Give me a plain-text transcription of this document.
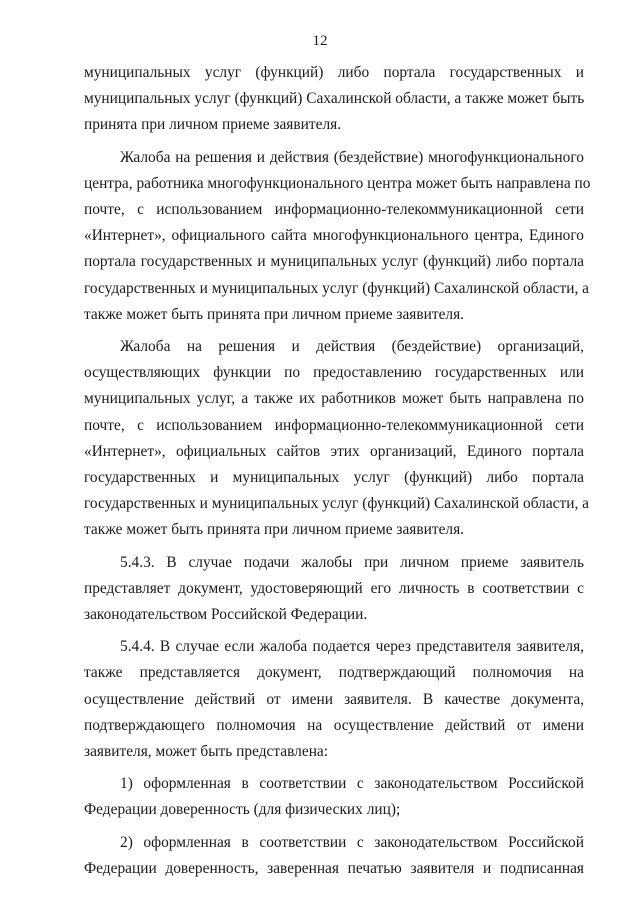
12
муниципальных услуг (функций) либо портала государственных и
муниципальных услуг (функций) Сахалинской области, а также может быть
принята при личном приеме заявителя.
Жалоба на решения и действия (бездействие) многофункционального
центра, работника многофункционального центра может быть направлена по
почте, с использованием информационно-телекоммуникационной сети
«Интернет», официального сайта многофункционального центра, Единого
портала государственных и муниципальных услуг (функций) либо портала
государственных и муниципальных услуг (функций) Сахалинской области, а
также может быть принята при личном приеме заявителя.
Жалоба на решения и действия (бездействие) организаций,
осуществляющих функции по предоставлению государственных или
муниципальных услуг, а также их работников может быть направлена по
почте, с использованием информационно-телекоммуникационной сети
«Интернет», официальных сайтов этих организаций, Единого портала
государственных и муниципальных услуг (функций) либо портала
государственных и муниципальных услуг (функций) Сахалинской области, а
также может быть принята при личном приеме заявителя.
5.4.3. В случае подачи жалобы при личном приеме заявитель
представляет документ, удостоверяющий его личность в соответствии с
законодательством Российской Федерации.
5.4.4. В случае если жалоба подается через представителя заявителя,
также представляется документ, подтверждающий полномочия на
осуществление действий от имени заявителя. В качестве документа,
подтверждающего полномочия на осуществление действий от имени
заявителя, может быть представлена:
1) оформленная в соответствии с законодательством Российской
Федерации доверенность (для физических лиц);
2) оформленная в соответствии с законодательством Российской
Федерации доверенность, заверенная печатью заявителя и подписанная
